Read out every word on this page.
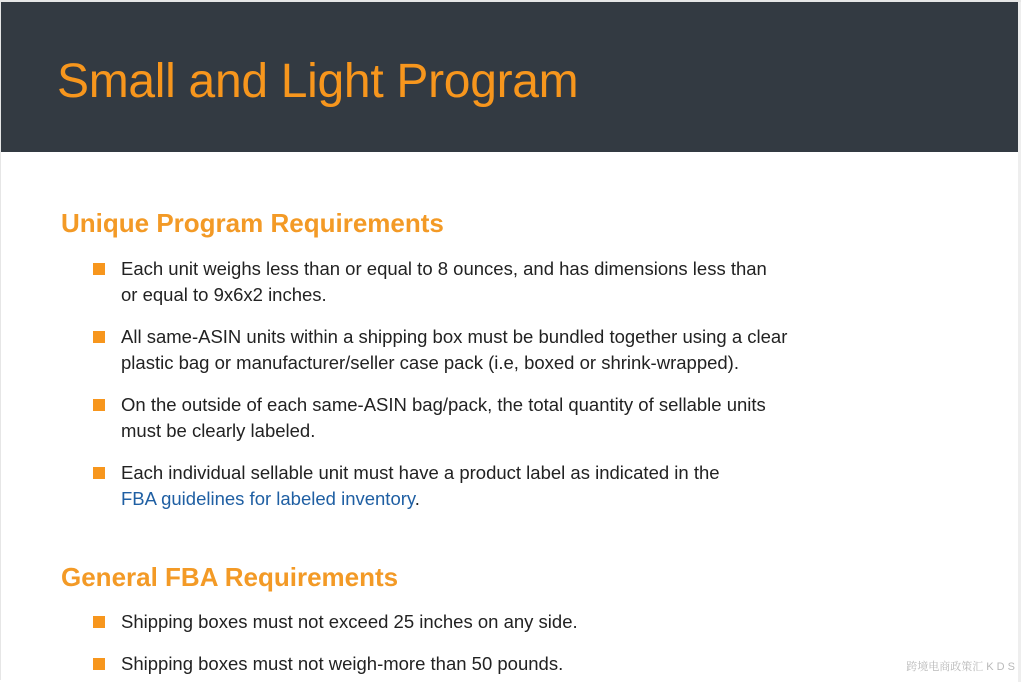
Small and Light Program
Unique Program Requirements
Each unit weighs less than or equal to 8 ounces, and has dimensions less than
or equal to 9x6x2 inches.
All same-ASIN units within a shipping box must be bundled together using a clear
plastic bag or manufacturer/seller case pack (i.e, boxed or shrink-wrapped).
On the outside of each same-ASIN bag/pack, the total quantity of sellable units
must be clearly labeled.
Each individual sellable unit must have a product label as indicated in the
FBA guidelines for labeled inventory.
General FBA Requirements
Shipping boxes must not exceed 25 inches on any side.
Shipping boxes must not weigh-more than 50 pounds.	跨境电商政策汇 K D S
